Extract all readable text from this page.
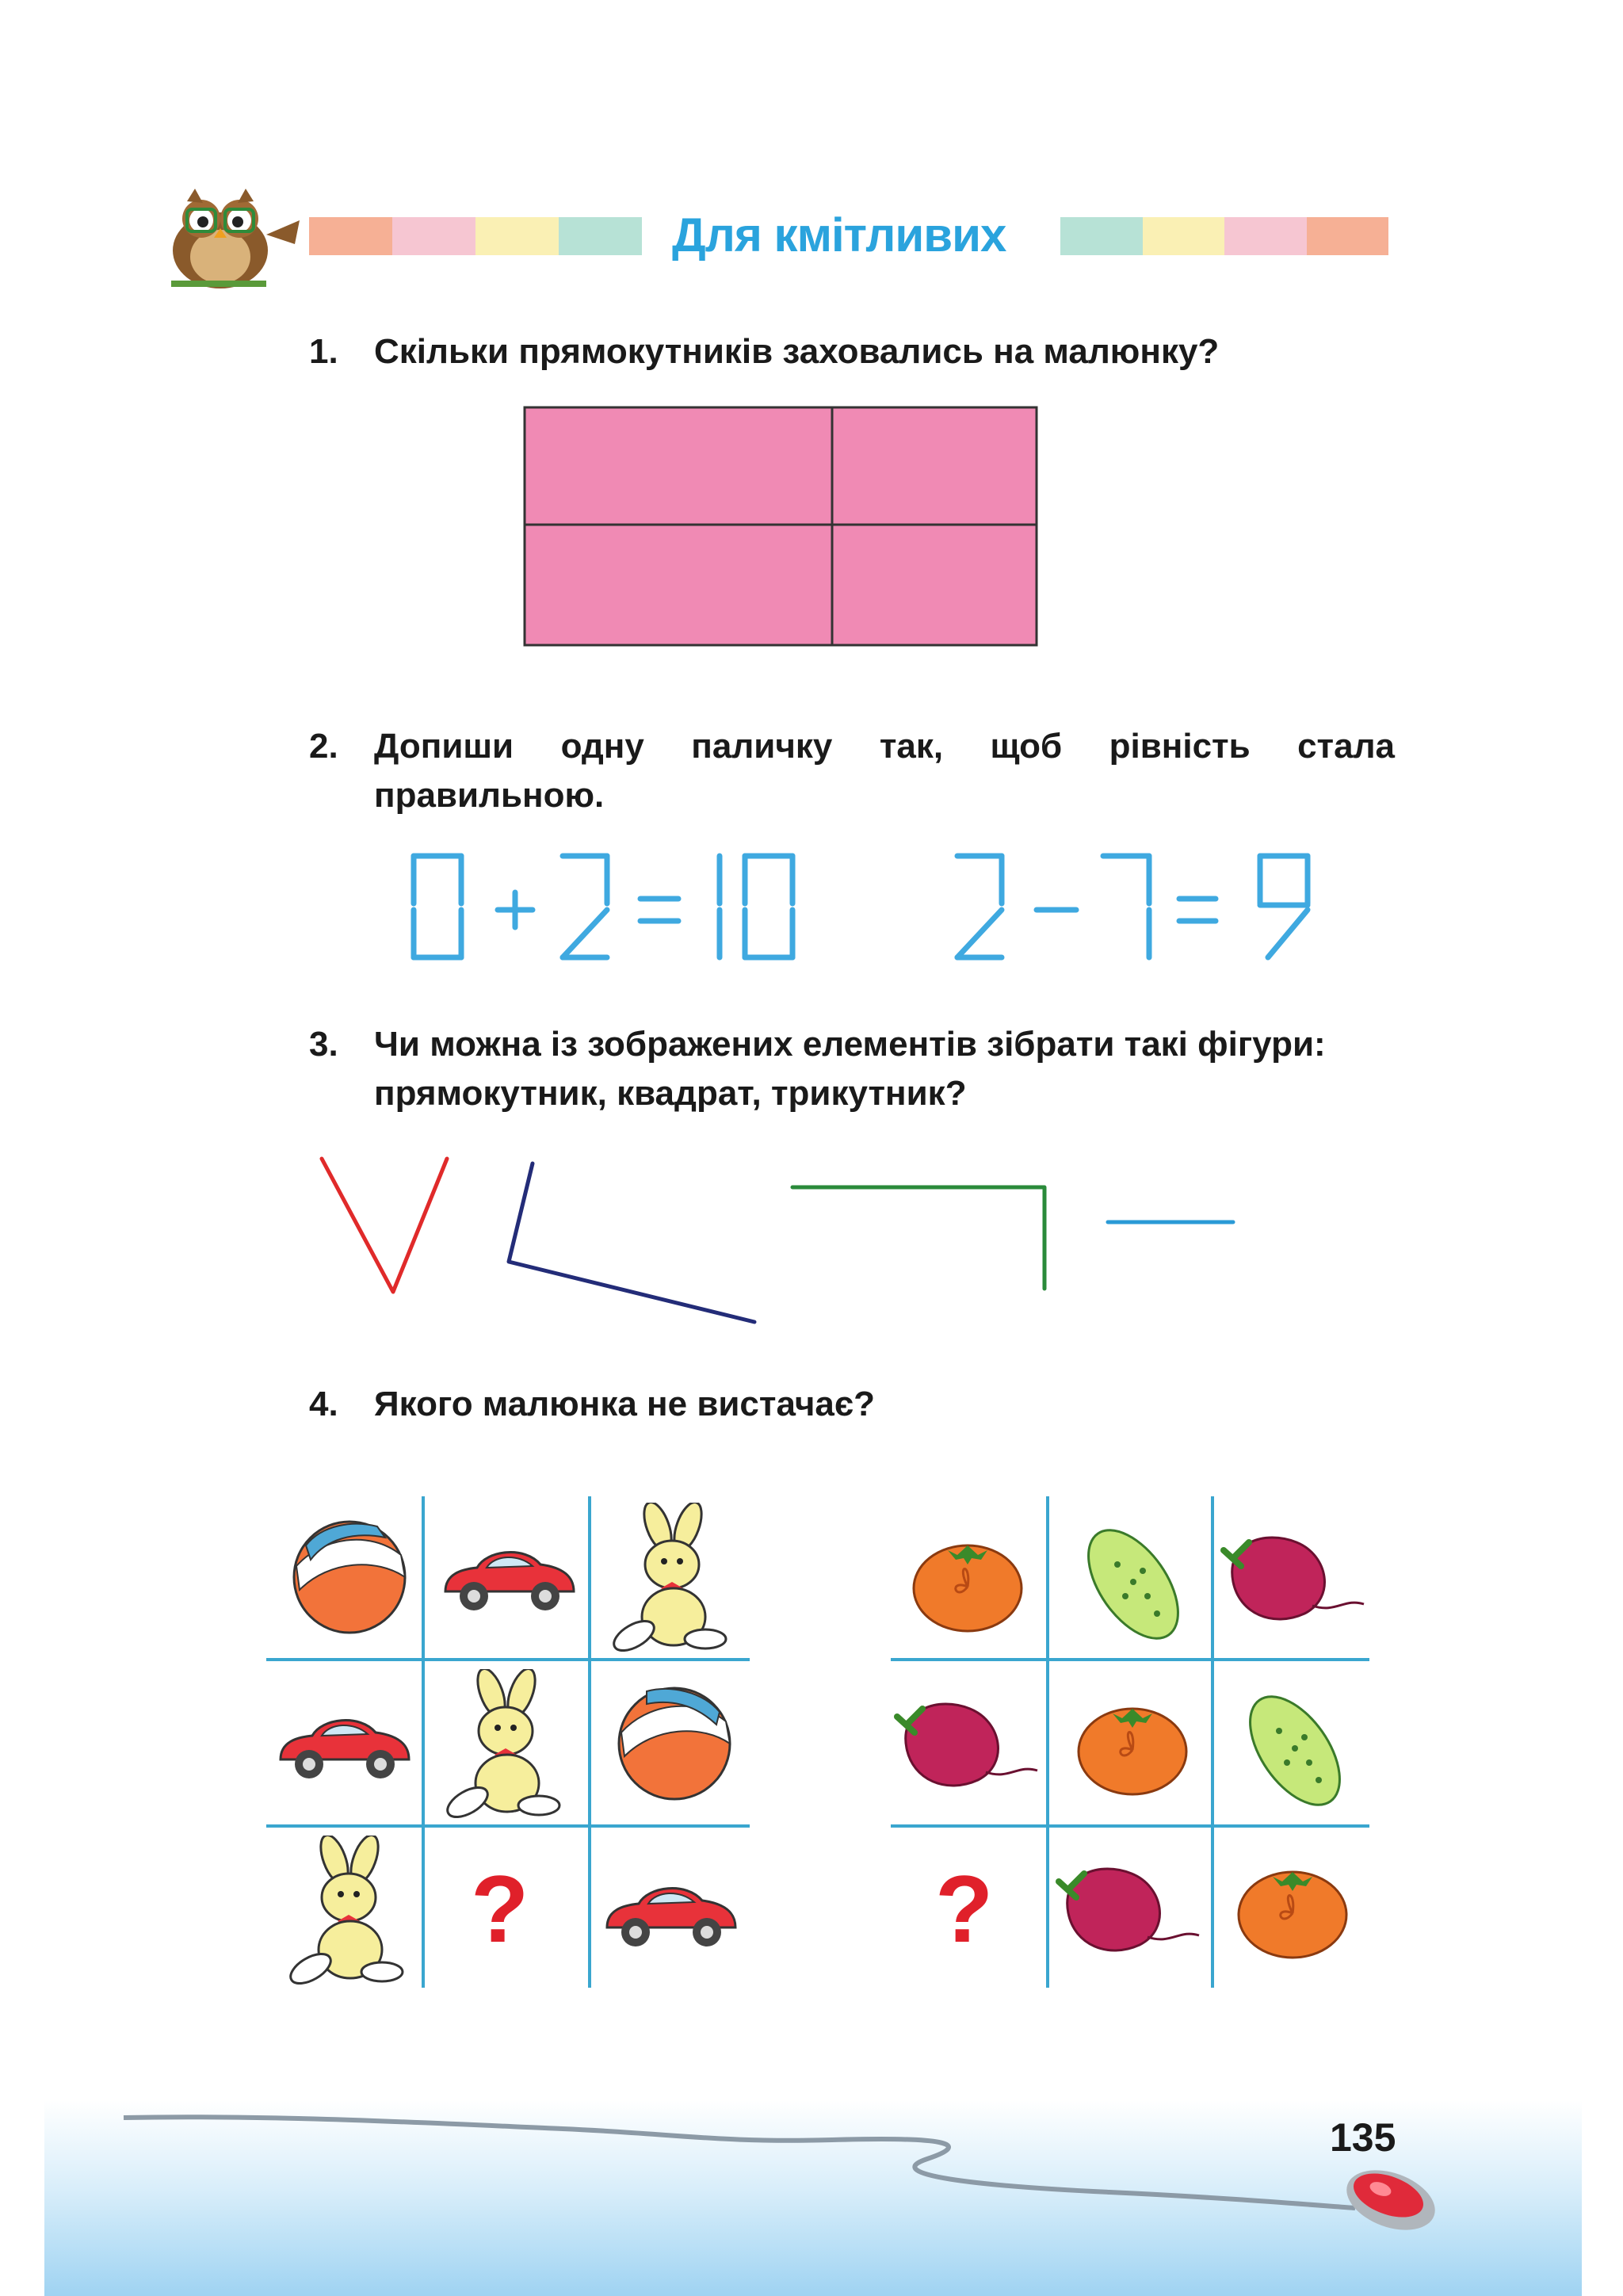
Для кмітливих
1. Скільки прямокутників заховались на малюнку?
2. Допиши одну паличку так, щоб рівність стала
правильною.
3. Чи можна із зображених елементів зібрати такі фігури:
прямокутник, квадрат, трикутник?
4. Якого малюнка не вистачає?
?	?
135
